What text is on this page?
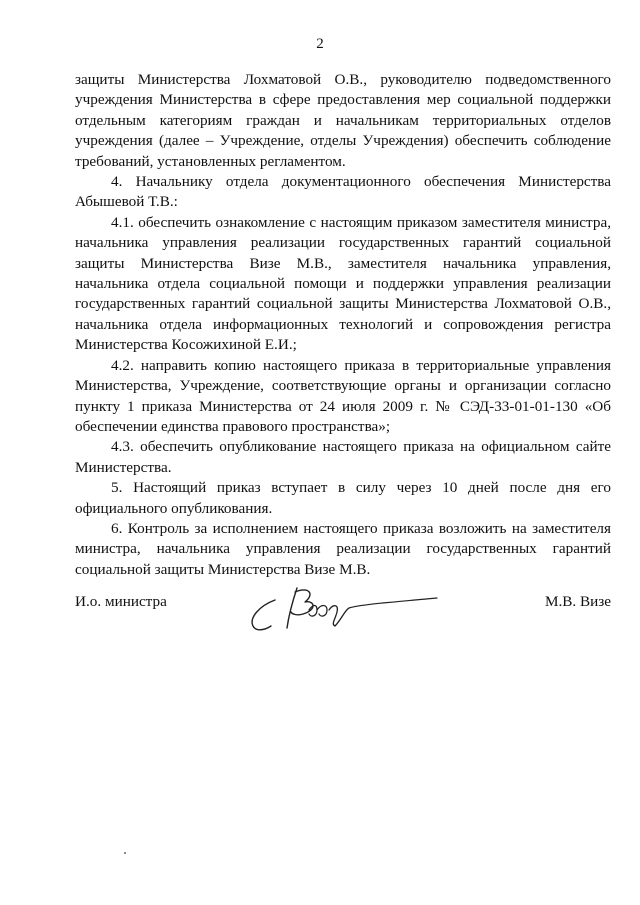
2

защиты Министерства Лохматовой О.В., руководителю подведомственного учреждения Министерства в сфере предоставления мер социальной поддержки отдельным категориям граждан и начальникам территориальных отделов учреждения (далее – Учреждение, отделы Учреждения) обеспечить соблюдение требований, установленных регламентом.

4. Начальнику отдела документационного обеспечения Министерства Абышевой Т.В.:

4.1. обеспечить ознакомление с настоящим приказом заместителя министра, начальника управления реализации государственных гарантий социальной защиты Министерства Визе М.В., заместителя начальника управления, начальника отдела социальной помощи и поддержки управления реализации государственных гарантий социальной защиты Министерства Лохматовой О.В., начальника отдела информационных технологий и сопровождения регистра Министерства Косожихиной Е.И.;

4.2. направить копию настоящего приказа в территориальные управления Министерства, Учреждение, соответствующие органы и организации согласно пункту 1 приказа Министерства от 24 июля 2009 г. № СЭД-33-01-01-130 «Об обеспечении единства правового пространства»;

4.3. обеспечить опубликование настоящего приказа на официальном сайте Министерства.

5. Настоящий приказ вступает в силу через 10 дней после дня его официального опубликования.

6. Контроль за исполнением настоящего приказа возложить на заместителя министра, начальника управления реализации государственных гарантий социальной защиты Министерства Визе М.В.

И.о. министра	М.В. Визе
